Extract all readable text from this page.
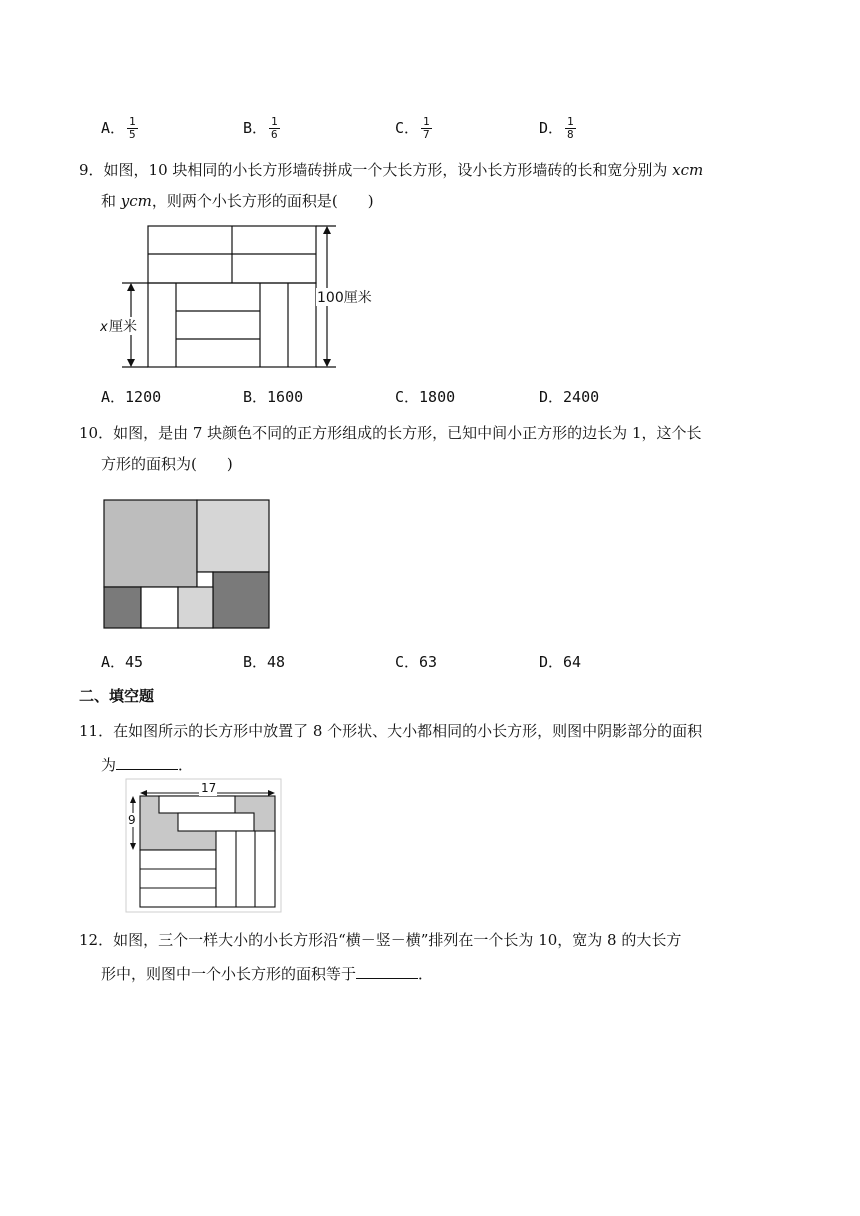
A． $\frac{1}{5}$	B． $\frac{1}{6}$	C． $\frac{1}{7}$	D． $\frac{1}{8}$
9．如图，10 块相同的小长方形墙砖拼成一个大长方形，设小长方形墙砖的长和宽分别为 xcm
和 ycm，则两个小长方形的面积是(　　)
x 厘米
100厘米
A．1200	B．1600	C．1800	D．2400
10．如图，是由 7 块颜色不同的正方形组成的长方形，已知中间小正方形的边长为 1，这个长
方形的面积为(　　)
A．45	B．48	C．63	D．64
二、填空题
11．在如图所示的长方形中放置了 8 个形状、大小都相同的小长方形，则图中阴影部分的面积
为	．
17
9
12．如图，三个一样大小的小长方形沿“横－竖－横”排列在一个长为 10，宽为 8 的大长方
形中，则图中一个小长方形的面积等于	．
